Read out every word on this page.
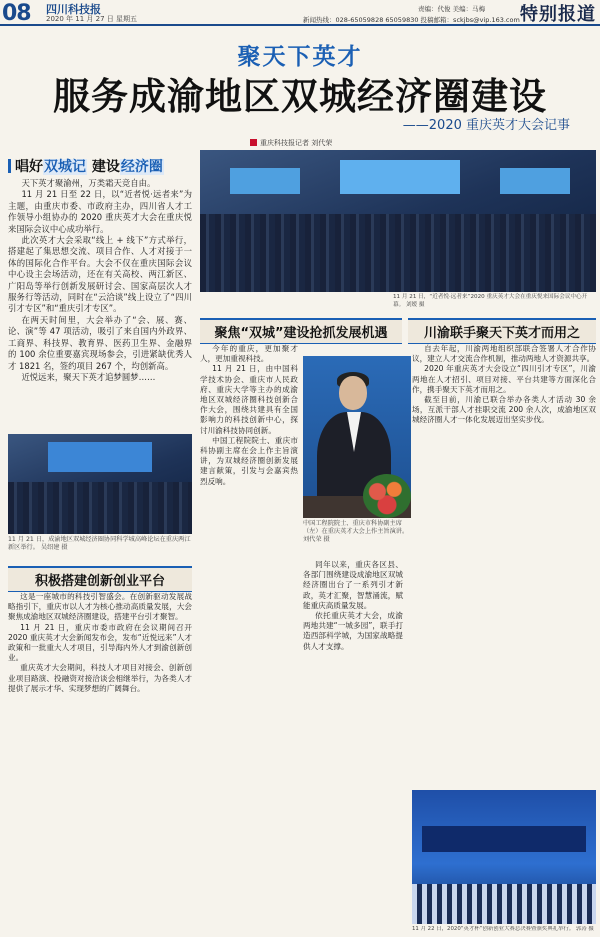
08 四川科技报
2020 年 11 月 27 日 星期五
责编：代俊 美编：马梅
新闻热线：028-65059828 65059830 投稿邮箱：sckjbs@vip.163.com 特别报道
聚天下英才
服务成渝地区双城经济圈建设
——2020 重庆英才大会记事
重庆科技报记者 刘代荣
11 月 21 日，“近者悦·远者来”2020 重庆英才大会在重庆悦来国际会议中心开幕。 刘嫒 摄
唱好双城记 建设经济圈

天下英才聚渝州，万类霜天竞自由。

11 月 21 日至 22 日，以“近者悦·远者来”为主题，由重庆市委、市政府主办，四川省人才工作领导小组协办的 2020 重庆英才大会在重庆悦来国际会议中心成功举行。

此次英才大会采取“线上 + 线下”方式举行，搭建起了集思想交流、项目合作、人才对接于一体的国际化合作平台。大会不仅在重庆国际会议中心设主会场活动，还在有关高校、两江新区、广阳岛等举行创新发展研讨会、国家高层次人才服务行等活动，同时在“云洽谈”线上设立了“四川引才专区”和“重庆引才专区”。

在两天时间里，大会举办了“会、展、赛、论、演”等 47 项活动，吸引了来自国内外政界、工商界、科技界、教育界、医药卫生界、金融界的 100 余位重要嘉宾现场参会，引进紧缺优秀人才 1821 名，签约项目 267 个，均创新高。

近悦远来，聚天下英才追梦圆梦……

11 月 21 日，成渝地区双城经济圈协同科学城高峰论坛在重庆两江新区举行。 吴绍建 摄
积极搭建创新创业平台

这是一座城市的科技引智盛会。在创新驱动发展战略指引下，重庆市以人才为核心推动高质量发展，大会聚焦成渝地区双城经济圈建设，搭建平台引才聚智。

11 月 21 日，重庆市委市政府在会议期间召开 2020 重庆英才大会新闻发布会，发布“近悦远来”人才政策和一批重大人才项目，引导海内外人才到渝创新创业。

重庆英才大会期间，科技人才项目对接会、创新创业项目路演、投融资对接洽谈会相继举行，为各类人才提供了展示才华、实现梦想的广阔舞台。

聚焦“双城”建设抢抓发展机遇	川渝联手聚天下英才而用之

今年的重庆，更加聚才人，更加重视科技。

11 月 21 日，由中国科学技术协会、重庆市人民政府、重庆大学等主办的成渝地区双城经济圈科技创新合作大会，围绕共建具有全国影响力的科技创新中心，探讨川渝科技协同创新。

中国工程院院士、重庆市科协副主席在会上作主旨演讲，为双城经济圈创新发展建言献策，引发与会嘉宾热烈反响。

中国工程院院士、重庆市科协副主席（左）在重庆英才大会上作主旨演讲。 刘代荣 摄

同年以来，重庆各区县、各部门围绕建设成渝地区双城经济圈出台了一系列引才新政，英才汇聚，智慧涌流，赋能重庆高质量发展。

依托重庆英才大会，成渝两地共建“一城多园”，联手打造西部科学城，为国家战略提供人才支撑。

自去年起，川渝两地组织部联合签署人才合作协议，建立人才交流合作机制，推动两地人才资源共享。

2020 年重庆英才大会设立“四川引才专区”，川渝两地在人才招引、项目对接、平台共建等方面深化合作，携手聚天下英才而用之。

截至目前，川渝已联合举办各类人才活动 30 余场，互派干部人才挂职交流 200 余人次，成渝地区双城经济圈人才一体化发展迈出坚实步伐。

11 月 22 日，2020“英才杯”创新创业大赛总决赛暨颁奖典礼举行。 郭涛 摄
